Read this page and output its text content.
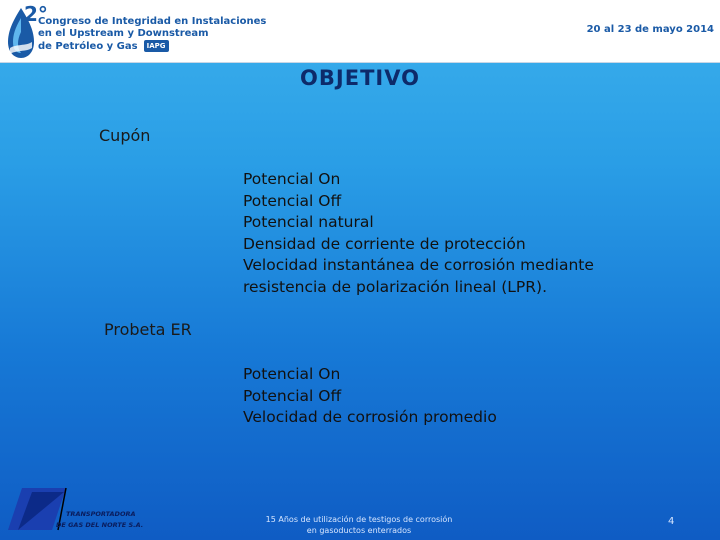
2°
Congreso de Integridad en Instalaciones
en el Upstream y Downstream
de Petróleo y Gas IAPG
20 al 23 de mayo 2014
OBJETIVO
Cupón
Potencial On
Potencial Off
Potencial natural
Densidad de corriente de protección
Velocidad instantánea de corrosión mediante
resistencia de polarización lineal (LPR).
Probeta ER
Potencial On
Potencial Off
Velocidad de corrosión promedio
TRANSPORTADORA
DE GAS DEL NORTE S.A.
15 Años de utilización de testigos de corrosión
en gasoductos enterrados
4
